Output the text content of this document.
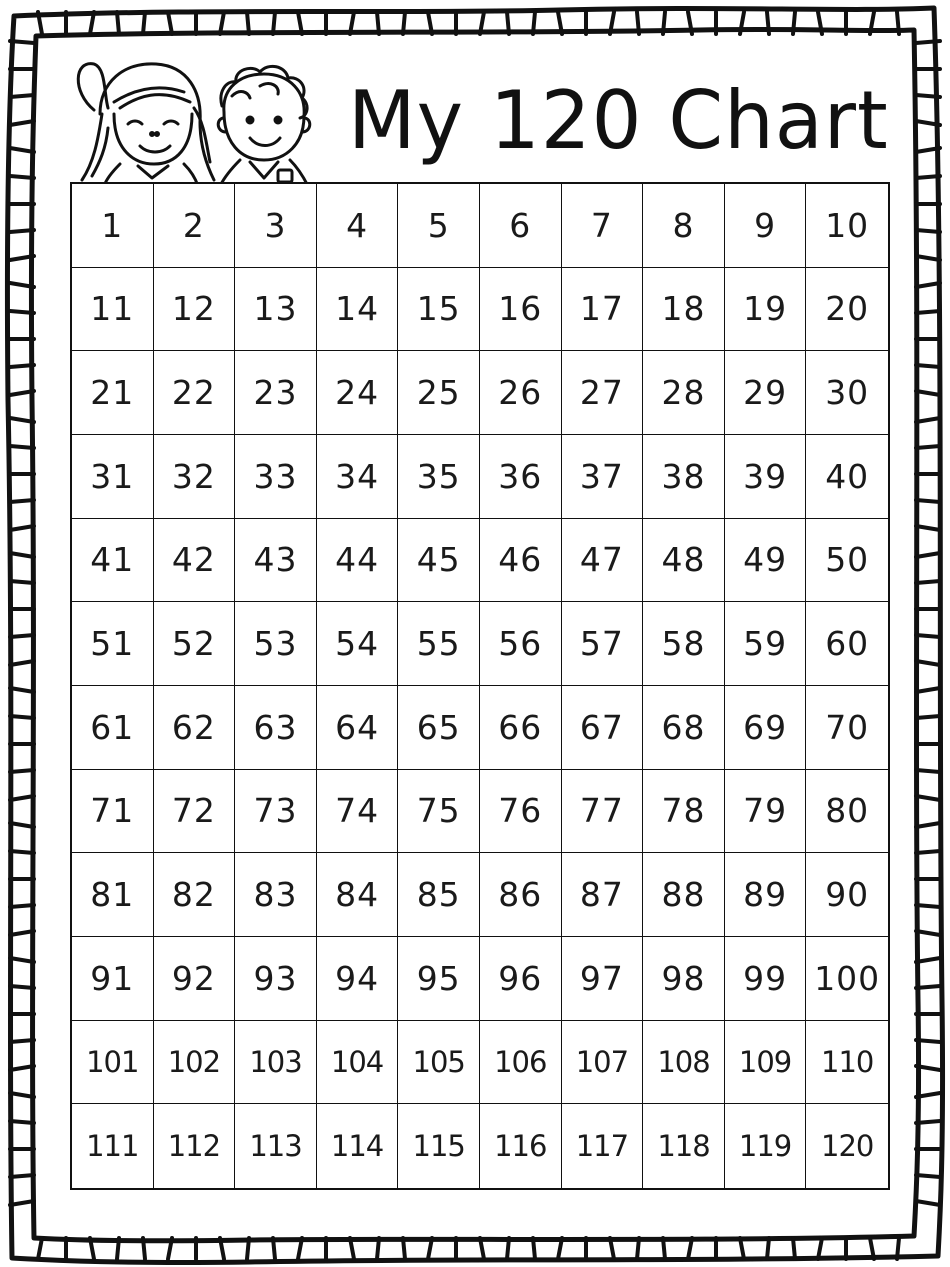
My 120 Chart
1	2	3	4	5	6	7	8	9	10
11	12	13	14	15	16	17	18	19	20
21	22	23	24	25	26	27	28	29	30
31	32	33	34	35	36	37	38	39	40
41	42	43	44	45	46	47	48	49	50
51	52	53	54	55	56	57	58	59	60
61	62	63	64	65	66	67	68	69	70
71	72	73	74	75	76	77	78	79	80
81	82	83	84	85	86	87	88	89	90
91	92	93	94	95	96	97	98	99 100
101	102	103	104	105	106	107	108	109	110
111	112	113	114	115	116	117	118	119	120
